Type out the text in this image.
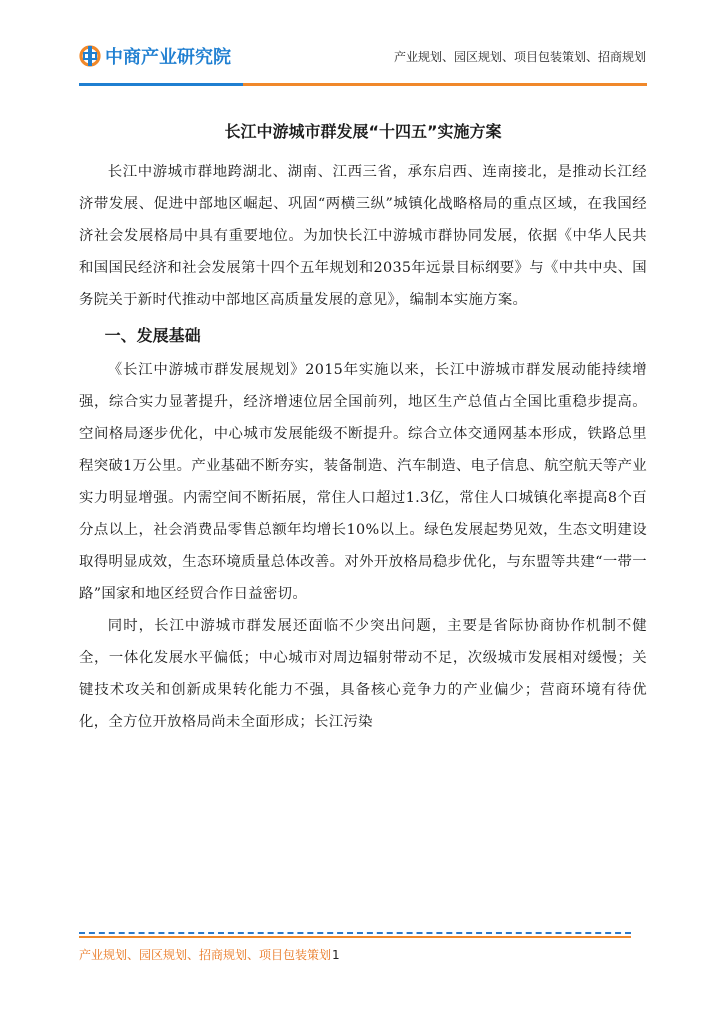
中商产业研究院	产业规划、园区规划、项目包装策划、招商规划
长江中游城市群发展“十四五”实施方案

长江中游城市群地跨湖北、湖南、江西三省，承东启西、连南接北，是推动长江经济带发展、促进中部地区崛起、巩固“两横三纵”城镇化战略格局的重点区域，在我国经济社会发展格局中具有重要地位。为加快长江中游城市群协同发展，依据《中华人民共和国国民经济和社会发展第十四个五年规划和2035年远景目标纲要》与《中共中央、国务院关于新时代推动中部地区高质量发展的意见》，编制本实施方案。

一、发展基础

《长江中游城市群发展规划》2015年实施以来，长江中游城市群发展动能持续增强，综合实力显著提升，经济增速位居全国前列，地区生产总值占全国比重稳步提高。空间格局逐步优化，中心城市发展能级不断提升。综合立体交通网基本形成，铁路总里程突破1万公里。产业基础不断夯实，装备制造、汽车制造、电子信息、航空航天等产业实力明显增强。内需空间不断拓展，常住人口超过1.3亿，常住人口城镇化率提高8个百分点以上，社会消费品零售总额年均增长10%以上。绿色发展起势见效，生态文明建设取得明显成效，生态环境质量总体改善。对外开放格局稳步优化，与东盟等共建“一带一路”国家和地区经贸合作日益密切。

同时，长江中游城市群发展还面临不少突出问题，主要是省际协商协作机制不健全，一体化发展水平偏低；中心城市对周边辐射带动不足，次级城市发展相对缓慢；关键技术攻关和创新成果转化能力不强，具备核心竞争力的产业偏少；营商环境有待优化，全方位开放格局尚未全面形成；长江污染

产业规划、园区规划、招商规划、项目包装策划1
